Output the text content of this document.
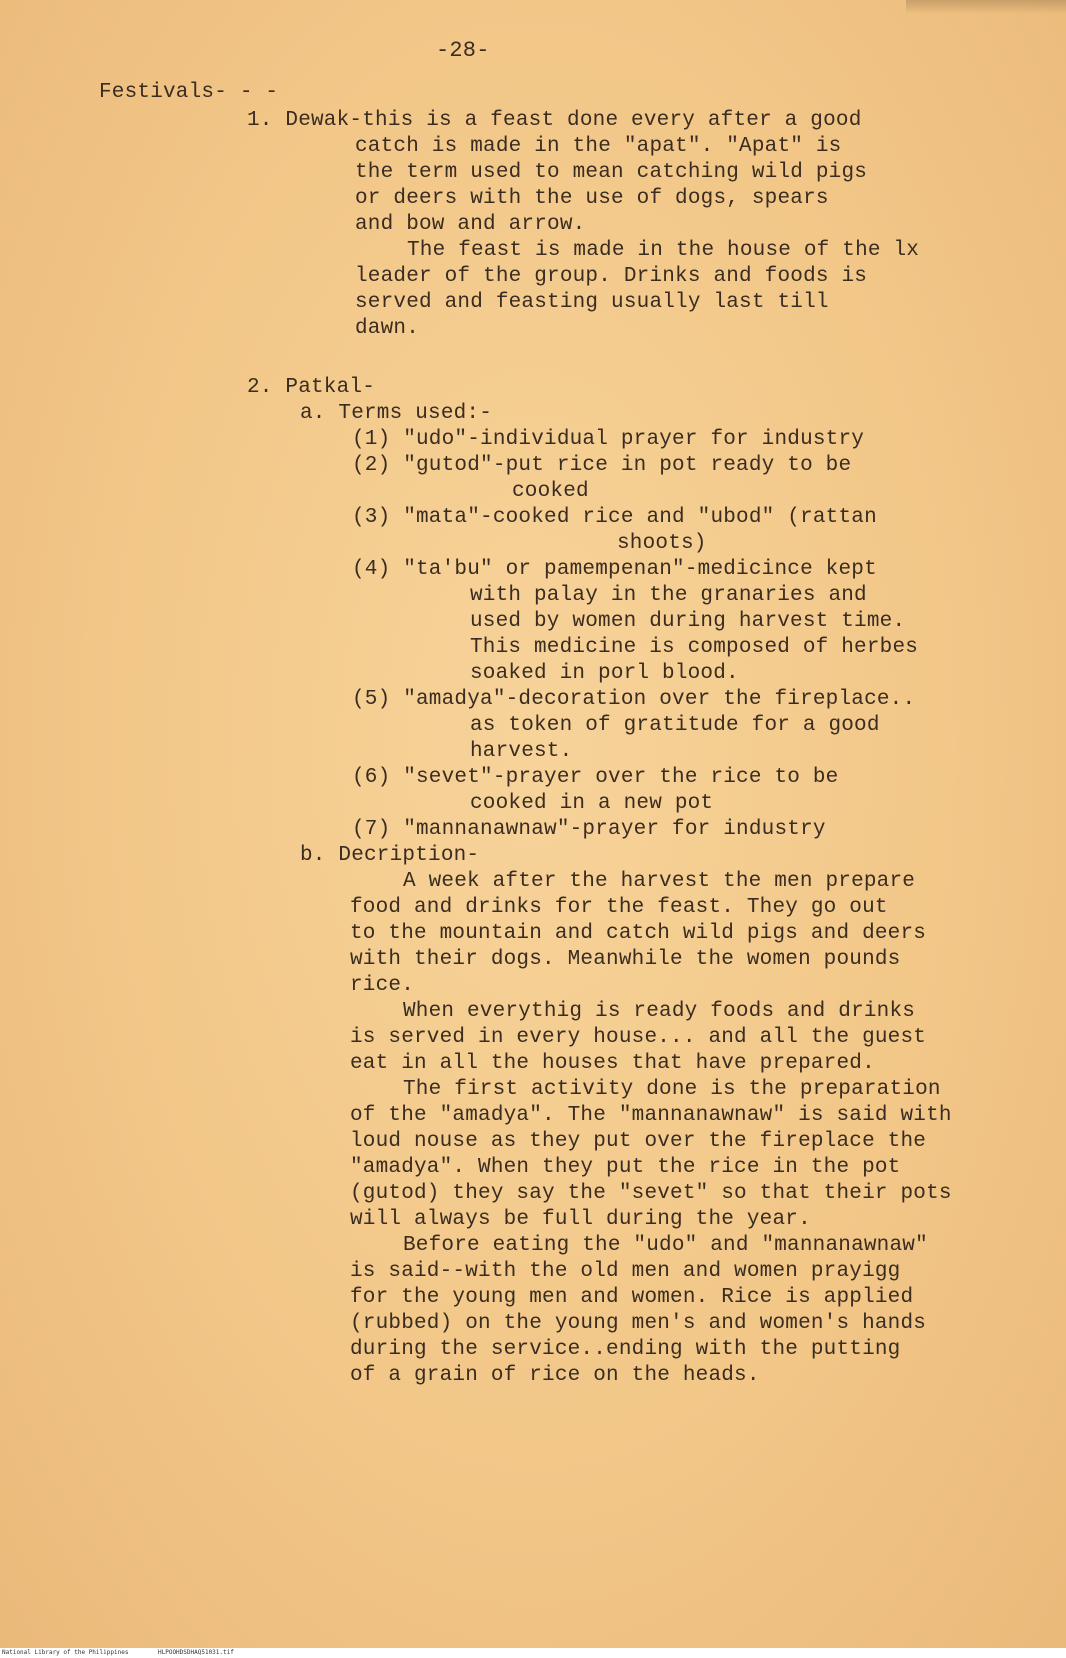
-28-
Festivals- - -
1. Dewak-this is a feast done every after a good
catch is made in the "apat". "Apat" is
the term used to mean catching wild pigs
or deers with the use of dogs, spears
and bow and arrow.
The feast is made in the house of the lx
leader of the group. Drinks and foods is
served and feasting usually last till
dawn.
2. Patkal-
a. Terms used:-
(1) "udo"-individual prayer for industry
(2) "gutod"-put rice in pot ready to be
cooked
(3) "mata"-cooked rice and "ubod" (rattan
shoots)
(4) "ta'bu" or pamempenan"-medicince kept
with palay in the granaries and
used by women during harvest time.
This medicine is composed of herbes
soaked in porl blood.
(5) "amadya"-decoration over the fireplace..
as token of gratitude for a good
harvest.
(6) "sevet"-prayer over the rice to be
cooked in a new pot
(7) "mannanawnaw"-prayer for industry
b. Decription-
A week after the harvest the men prepare
food and drinks for the feast. They go out
to the mountain and catch wild pigs and deers
with their dogs. Meanwhile the women pounds
rice.
When everythig is ready foods and drinks
is served in every house... and all the guest
eat in all the houses that have prepared.
The first activity done is the preparation
of the "amadya". The "mannanawnaw" is said with
loud nouse as they put over the fireplace the
"amadya". When they put the rice in the pot
(gutod) they say the "sevet" so that their pots
will always be full during the year.
Before eating the "udo" and "mannanawnaw"
is said--with the old men and women prayigg
for the young men and women. Rice is applied
(rubbed) on the young men's and women's hands
during the service..ending with the putting
of a grain of rice on the heads.
National Library of the Philippines	HLPOOHDSDHAQ51031.tif
